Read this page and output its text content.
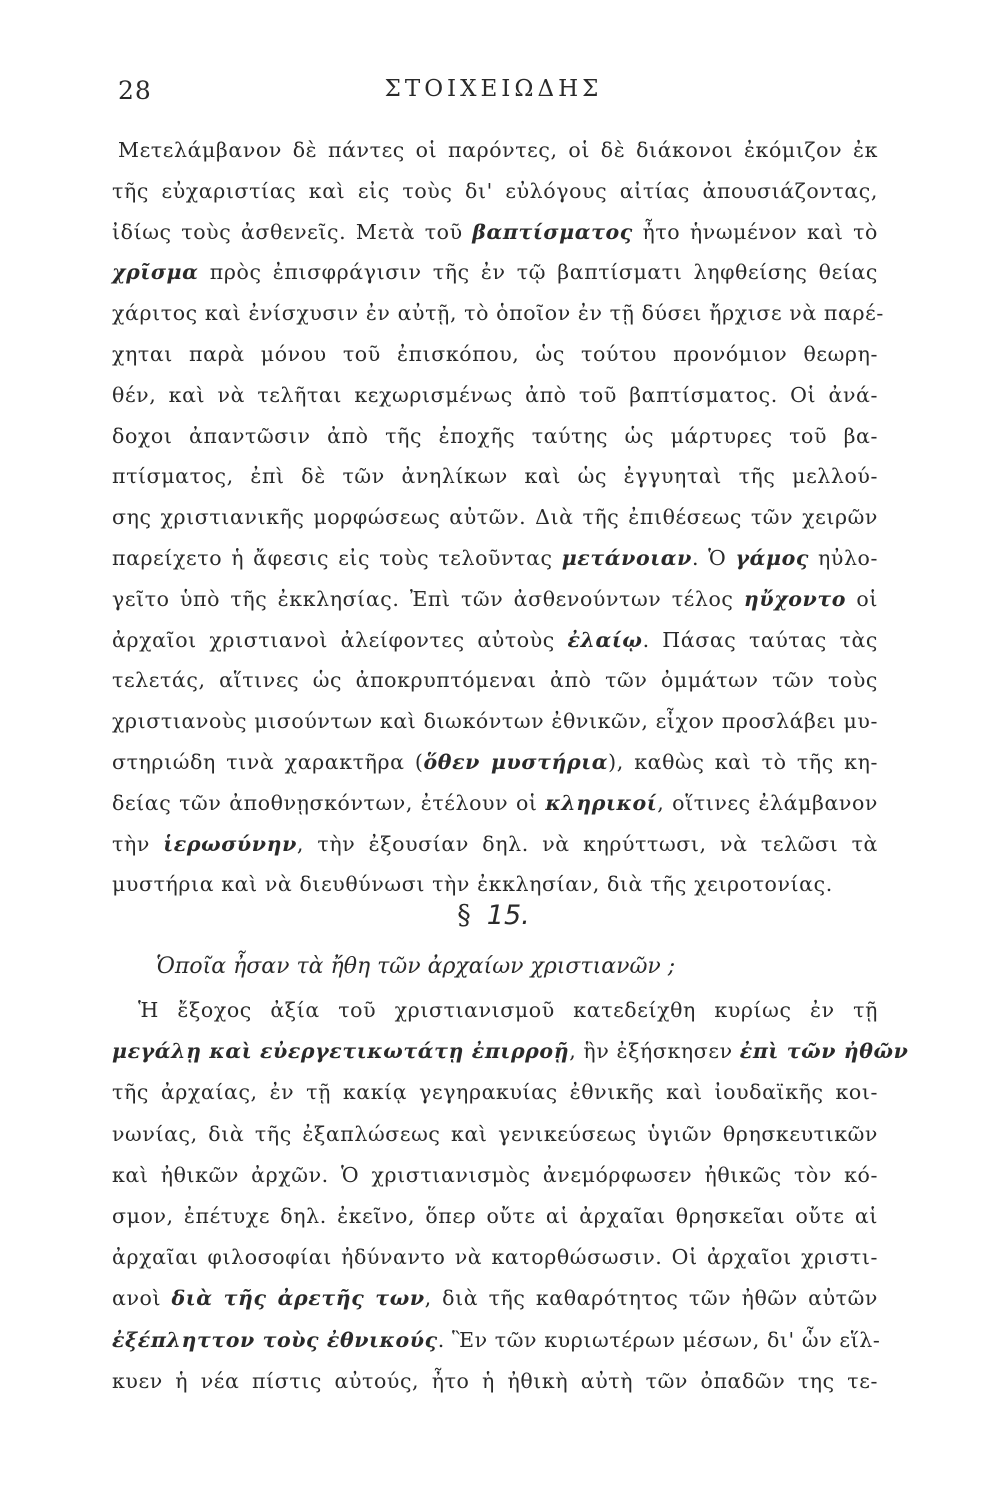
28	ΣΤΟΙΧΕΙΩΔΗΣ
Μετελάμβανον δὲ πάντες οἱ παρόντες, οἱ δὲ διάκονοι ἐκόμιζον ἐκ
τῆς εὐχαριστίας καὶ εἰς τοὺς δι' εὐλόγους αἰτίας ἀπουσιάζοντας,
ἰδίως τοὺς ἀσθενεῖς. Μετὰ τοῦ βαπτίσματος ἦτο ἡνωμένον καὶ τὸ
χρῖσμα πρὸς ἐπισφράγισιν τῆς ἐν τῷ βαπτίσματι ληφθείσης θείας
χάριτος καὶ ἐνίσχυσιν ἐν αὐτῇ, τὸ ὁποῖον ἐν τῇ δύσει ἤρχισε νὰ παρέ-
χηται παρὰ μόνου τοῦ ἐπισκόπου, ὡς τούτου προνόμιον θεωρη-
θέν, καὶ νὰ τελῆται κεχωρισμένως ἀπὸ τοῦ βαπτίσματος. Οἱ ἀνά-
δοχοι ἀπαντῶσιν ἀπὸ τῆς ἐποχῆς ταύτης ὡς μάρτυρες τοῦ βα-
πτίσματος, ἐπὶ δὲ τῶν ἀνηλίκων καὶ ὡς ἐγγυηταὶ τῆς μελλού-
σης χριστιανικῆς μορφώσεως αὐτῶν. Διὰ τῆς ἐπιθέσεως τῶν χειρῶν
παρείχετο ἡ ἄφεσις εἰς τοὺς τελοῦντας μετάνοιαν. Ὁ γάμος ηὐλο-
γεῖτο ὑπὸ τῆς ἐκκλησίας. Ἐπὶ τῶν ἀσθενούντων τέλος ηὔχοντο οἱ
ἀρχαῖοι χριστιανοὶ ἀλείφοντες αὐτοὺς ἐλαίῳ. Πάσας ταύτας τὰς
τελετάς, αἵτινες ὡς ἀποκρυπτόμεναι ἀπὸ τῶν ὀμμάτων τῶν τοὺς
χριστιανοὺς μισούντων καὶ διωκόντων ἐθνικῶν, εἶχον προσλάβει μυ-
στηριώδη τινὰ χαρακτῆρα (ὅθεν μυστήρια), καθὼς καὶ τὸ τῆς κη-
δείας τῶν ἀποθνῃσκόντων, ἐτέλουν οἱ κληρικοί, οἵτινες ἐλάμβανον
τὴν ἱερωσύνην, τὴν ἐξουσίαν δηλ. νὰ κηρύττωσι, νὰ τελῶσι τὰ
μυστήρια καὶ νὰ διευθύνωσι τὴν ἐκκλησίαν, διὰ τῆς χειροτονίας.
§ 15.
Ὁποῖα ἦσαν τὰ ἤθη τῶν ἀρχαίων χριστιανῶν ;
Ἡ ἔξοχος ἀξία τοῦ χριστιανισμοῦ κατεδείχθη κυρίως ἐν τῇ
μεγάλῃ καὶ εὐεργετικωτάτῃ ἐπιρροῇ, ἣν ἐξήσκησεν ἐπὶ τῶν ἠθῶν
τῆς ἀρχαίας, ἐν τῇ κακίᾳ γεγηρακυίας ἐθνικῆς καὶ ἰουδαϊκῆς κοι-
νωνίας, διὰ τῆς ἐξαπλώσεως καὶ γενικεύσεως ὑγιῶν θρησκευτικῶν
καὶ ἠθικῶν ἀρχῶν. Ὁ χριστιανισμὸς ἀνεμόρφωσεν ἠθικῶς τὸν κό-
σμον, ἐπέτυχε δηλ. ἐκεῖνο, ὅπερ οὔτε αἱ ἀρχαῖαι θρησκεῖαι οὔτε αἱ
ἀρχαῖαι φιλοσοφίαι ἠδύναντο νὰ κατορθώσωσιν. Οἱ ἀρχαῖοι χριστι-
ανοὶ διὰ τῆς ἀρετῆς των, διὰ τῆς καθαρότητος τῶν ἠθῶν αὐτῶν
ἐξέπληττον τοὺς ἐθνικούς. Ἓν τῶν κυριωτέρων μέσων, δι' ὧν εἵλ-
κυεν ἡ νέα πίστις αὐτούς, ἦτο ἡ ἠθικὴ αὐτὴ τῶν ὀπαδῶν της τε-
